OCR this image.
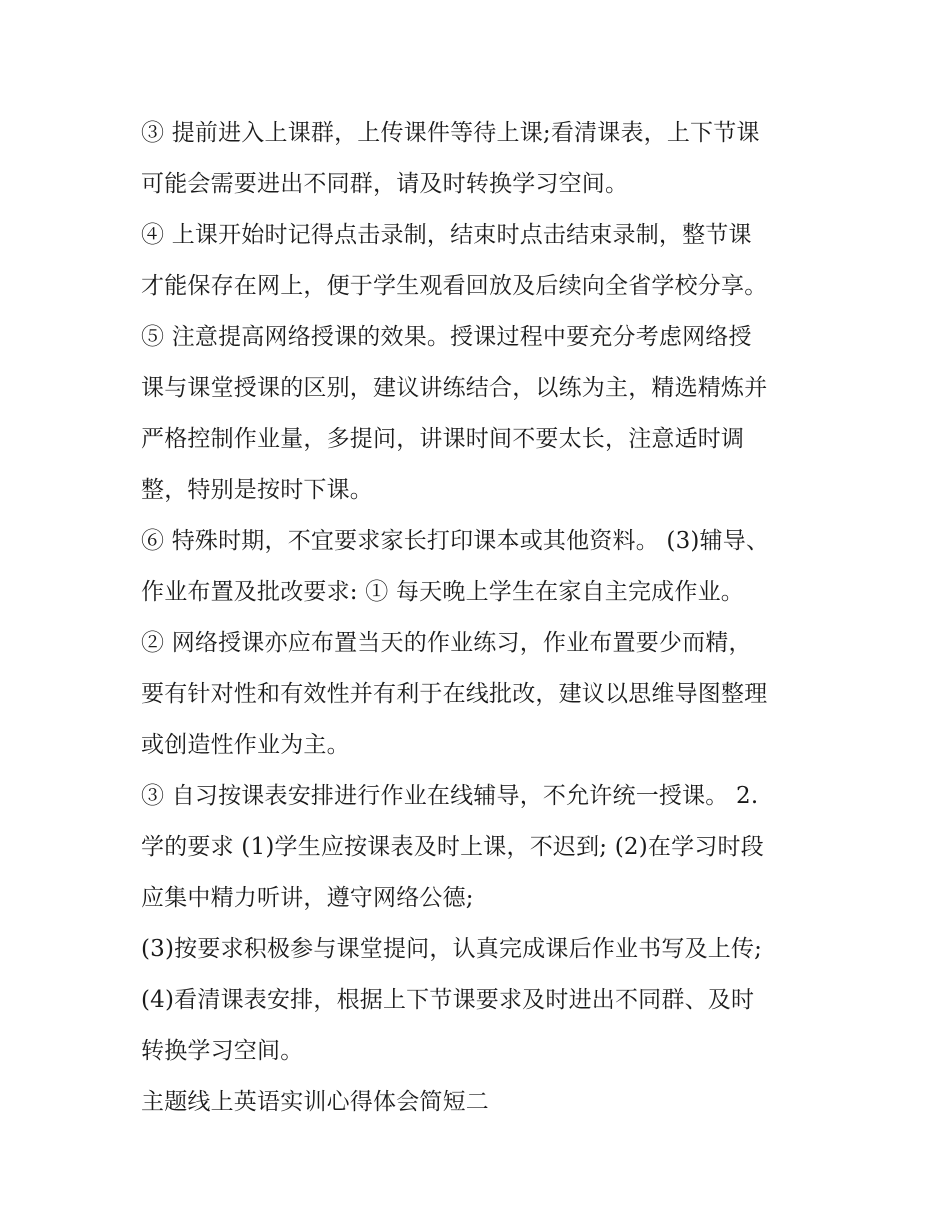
③ 提前进入上课群，上传课件等待上课;看清课表，上下节课
可能会需要进出不同群，请及时转换学习空间。
④ 上课开始时记得点击录制，结束时点击结束录制，整节课
才能保存在网上，便于学生观看回放及后续向全省学校分享。
⑤ 注意提高网络授课的效果。授课过程中要充分考虑网络授
课与课堂授课的区别，建议讲练结合，以练为主，精选精炼并
严格控制作业量，多提问，讲课时间不要太长，注意适时调
整，特别是按时下课。
⑥ 特殊时期，不宜要求家长打印课本或其他资料。 (3)辅导、
作业布置及批改要求: ① 每天晚上学生在家自主完成作业。
② 网络授课亦应布置当天的作业练习，作业布置要少而精，
要有针对性和有效性并有利于在线批改，建议以思维导图整理
或创造性作业为主。
③ 自习按课表安排进行作业在线辅导，不允许统一授课。 2.
学的要求 (1)学生应按课表及时上课，不迟到; (2)在学习时段
应集中精力听讲，遵守网络公德;
(3)按要求积极参与课堂提问，认真完成课后作业书写及上传;
(4)看清课表安排，根据上下节课要求及时进出不同群、及时
转换学习空间。
主题线上英语实训心得体会简短二
